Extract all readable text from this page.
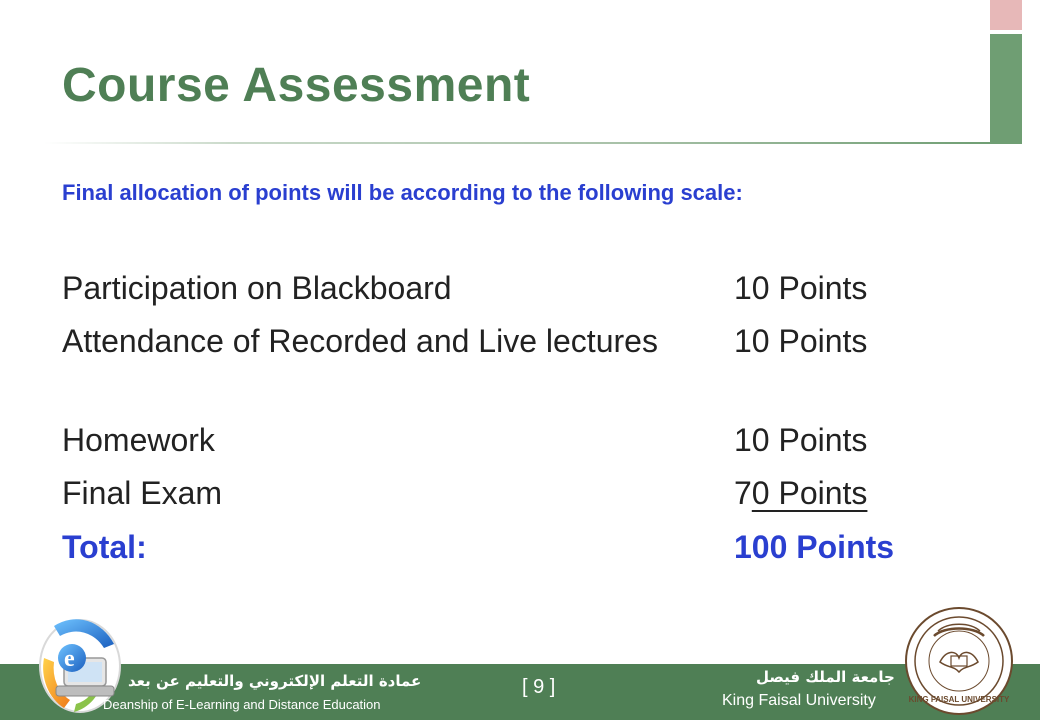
Course Assessment
Final allocation of points will be according to the following scale:
Participation on Blackboard	10 Points
Attendance of Recorded and Live lectures 10 Points
Homework	10 Points
Final Exam	70 Points
Total:	100 Points
e
عمادة التعلم الإلكتروني والتعليم عن بعد
Deanship of E-Learning and Distance Education
[ 9 ]	جامعة الملك فيصل
King Faisal University	KING FAISAL UNIVERSITY
